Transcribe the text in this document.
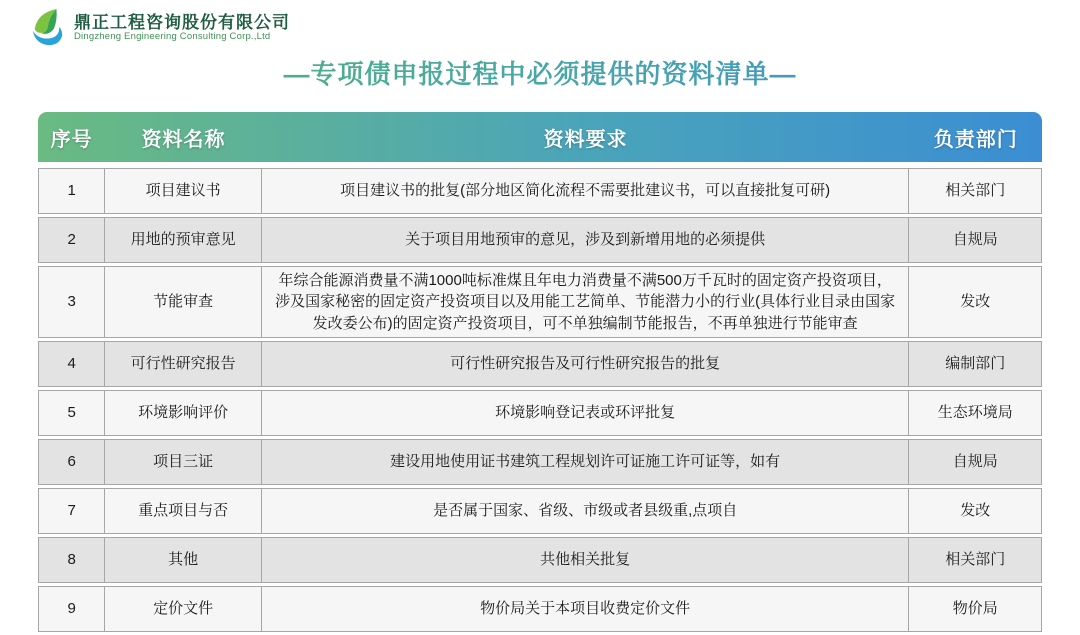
鼎正工程咨询股份有限公司
Dingzheng Engineering Consulting Corp.,Ltd
—专项债申报过程中必须提供的资料清单—
序号	资料名称	资料要求	负责部门
1	项目建议书	项目建议书的批复(部分地区简化流程不需要批建议书，可以直接批复可研)	相关部门
2	用地的预审意见	关于项目用地预审的意见，涉及到新增用地的必须提供	自规局
3	节能审查	年综合能源消费量不满1000吨标准煤且年电力消费量不满500万千瓦时的固定资产投资项目，涉及国家秘密的固定资产投资项目以及用能工艺简单、节能潜力小的行业(具体行业目录由国家发改委公布)的固定资产投资项目，可不单独编制节能报告，不再单独进行节能审查	发改
4	可行性研究报告	可行性研究报告及可行性研究报告的批复	编制部门
5	环境影响评价	环境影响登记表或环评批复	生态环境局
6	项目三证	建设用地使用证书建筑工程规划许可证施工许可证等，如有	自规局
7	重点项目与否	是否属于国家、省级、市级或者县级重,点项自	发改
8	其他	共他相关批复	相关部门
9	定价文件	物价局关于本项目收费定价文件	物价局
